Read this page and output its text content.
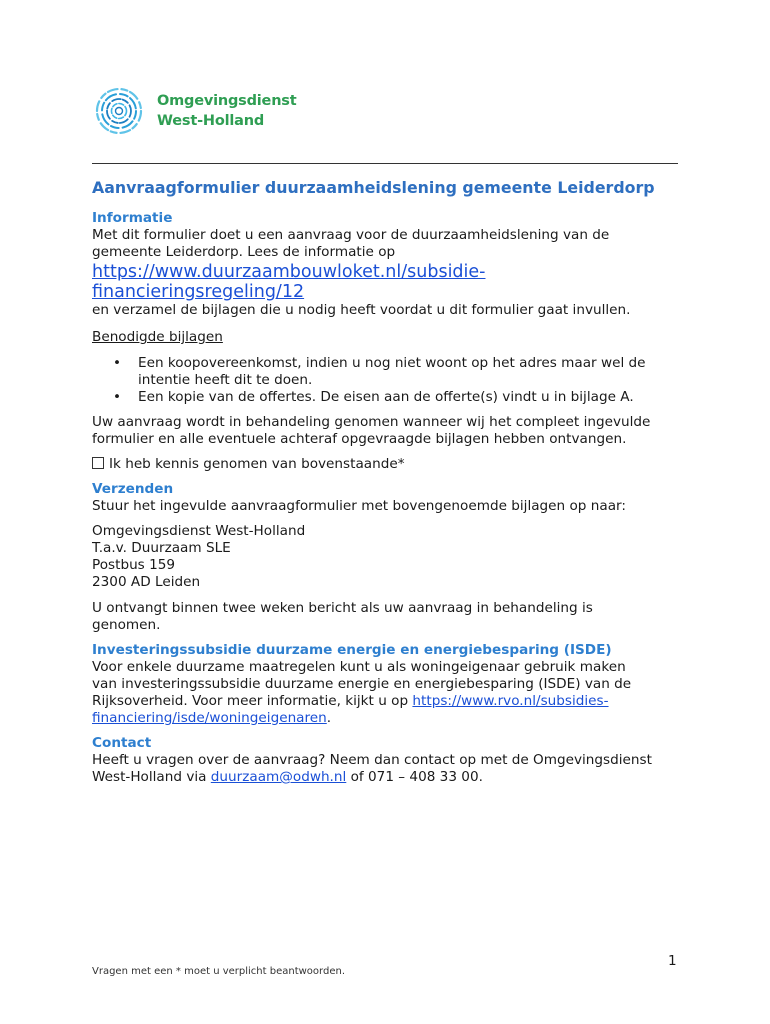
Omgevingsdienst
West-Holland
Aanvraagformulier duurzaamheidslening gemeente Leiderdorp
Informatie

Met dit formulier doet u een aanvraag voor de duurzaamheidslening van de

gemeente Leiderdorp. Lees de informatie op

https://www.duurzaambouwloket.nl/subsidie-financieringsregeling/12

en verzamel de bijlagen die u nodig heeft voordat u dit formulier gaat invullen.

Benodigde bijlagen

• Een koopovereenkomst, indien u nog niet woont op het adres maar wel de
intentie heeft dit te doen.
• Een kopie van de offertes. De eisen aan de offerte(s) vindt u in bijlage A.

Uw aanvraag wordt in behandeling genomen wanneer wij het compleet ingevulde

formulier en alle eventuele achteraf opgevraagde bijlagen hebben ontvangen.

Ik heb kennis genomen van bovenstaande*

Verzenden

Stuur het ingevulde aanvraagformulier met bovengenoemde bijlagen op naar:

Omgevingsdienst West-Holland

T.a.v. Duurzaam SLE

Postbus 159

2300 AD Leiden

U ontvangt binnen twee weken bericht als uw aanvraag in behandeling is

genomen.

Investeringssubsidie duurzame energie en energiebesparing (ISDE)

Voor enkele duurzame maatregelen kunt u als woningeigenaar gebruik maken

van investeringssubsidie duurzame energie en energiebesparing (ISDE) van de

Rijksoverheid. Voor meer informatie, kijkt u op https://www.rvo.nl/subsidies-

financiering/isde/woningeigenaren.

Contact

Heeft u vragen over de aanvraag? Neem dan contact op met de Omgevingsdienst

West-Holland via duurzaam@odwh.nl of 071 – 408 33 00.

1
Vragen met een * moet u verplicht beantwoorden.
